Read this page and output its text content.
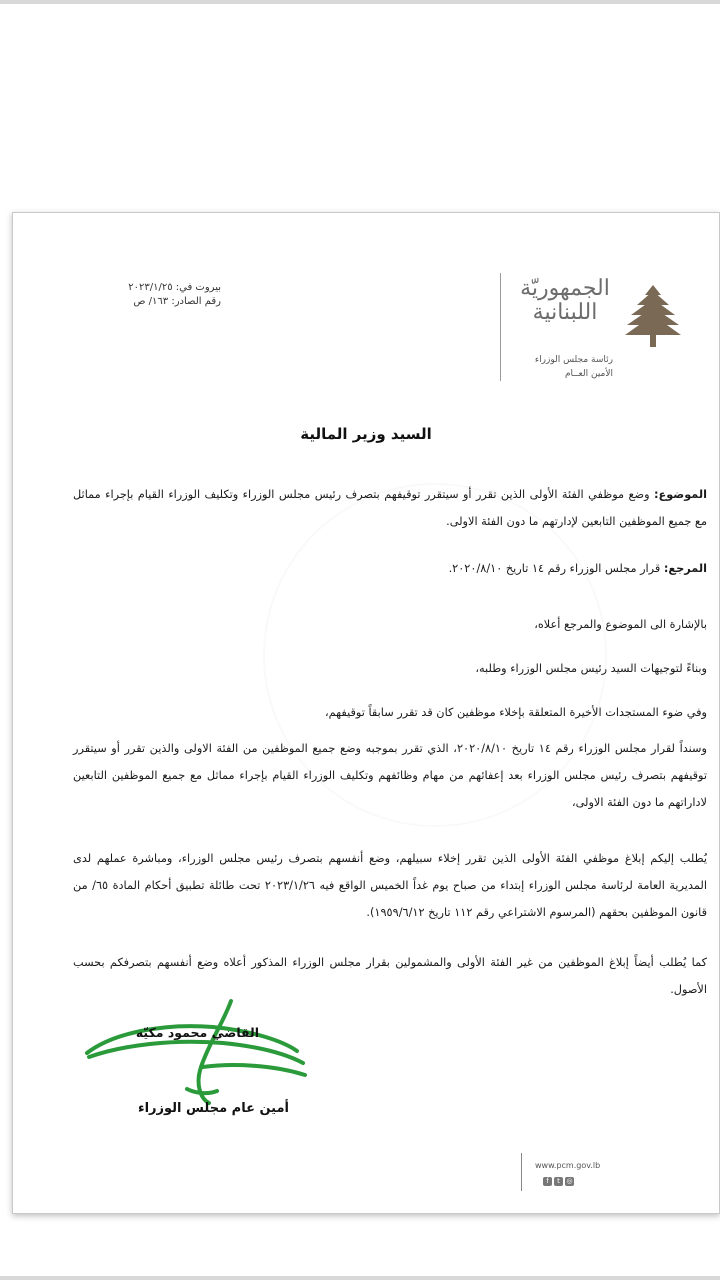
بيروت في: ٢٠٢٣/١/٢٥
رقم الصادر: ١٦٣/ ص
الجمهوريّة
اللبنانية
رئاسة مجلس الوزراء
الأمين العــام
السيد وزير المالية
الموضوع: وضع موظفي الفئة الأولى الذين تقرر أو سيتقرر توقيفهم بتصرف رئيس مجلس الوزراء وتكليف الوزراء القيام بإجراء مماثل مع جميع الموظفين التابعين لإدارتهم ما دون الفئة الاولى.
المرجع: قرار مجلس الوزراء رقم ١٤ تاريخ ٢٠٢٠/٨/١٠.
بالإشارة الى الموضوع والمرجع أعلاه،
وبناءً لتوجيهات السيد رئيس مجلس الوزراء وطلبه،
وفي ضوء المستجدات الأخيرة المتعلقة بإخلاء موظفين كان قد تقرر سابقاً توقيفهم،
وسنداً لقرار مجلس الوزراء رقم ١٤ تاريخ ٢٠٢٠/٨/١٠، الذي تقرر بموجبه وضع جميع الموظفين من الفئة الاولى والذين تقرر أو سيتقرر توقيفهم بتصرف رئيس مجلس الوزراء بعد إعفائهم من مهام وظائفهم وتكليف الوزراء القيام بإجراء مماثل مع جميع الموظفين التابعين لاداراتهم ما دون الفئة الاولى،
يُطلب إليكم إبلاغ موظفي الفئة الأولى الذين تقرر إخلاء سبيلهم، وضع أنفسهم بتصرف رئيس مجلس الوزراء، ومباشرة عملهم لدى المديرية العامة لرئاسة مجلس الوزراء إبتداء من صباح يوم غداً الخميس الواقع فيه ٢٠٢٣/١/٢٦ تحت طائلة تطبيق أحكام المادة ٦٥/ من قانون الموظفين بحقهم (المرسوم الاشتراعي رقم ١١٢ تاريخ ١٩٥٩/٦/١٢).
كما يُطلب أيضاً إبلاغ الموظفين من غير الفئة الأولى والمشمولين بقرار مجلس الوزراء المذكور أعلاه وضع أنفسهم بتصرفكم بحسب الأصول.
القاضي محمود مكيّه
أمين عام مجلس الوزراء
www.pcm.gov.lb
f	t ◎
